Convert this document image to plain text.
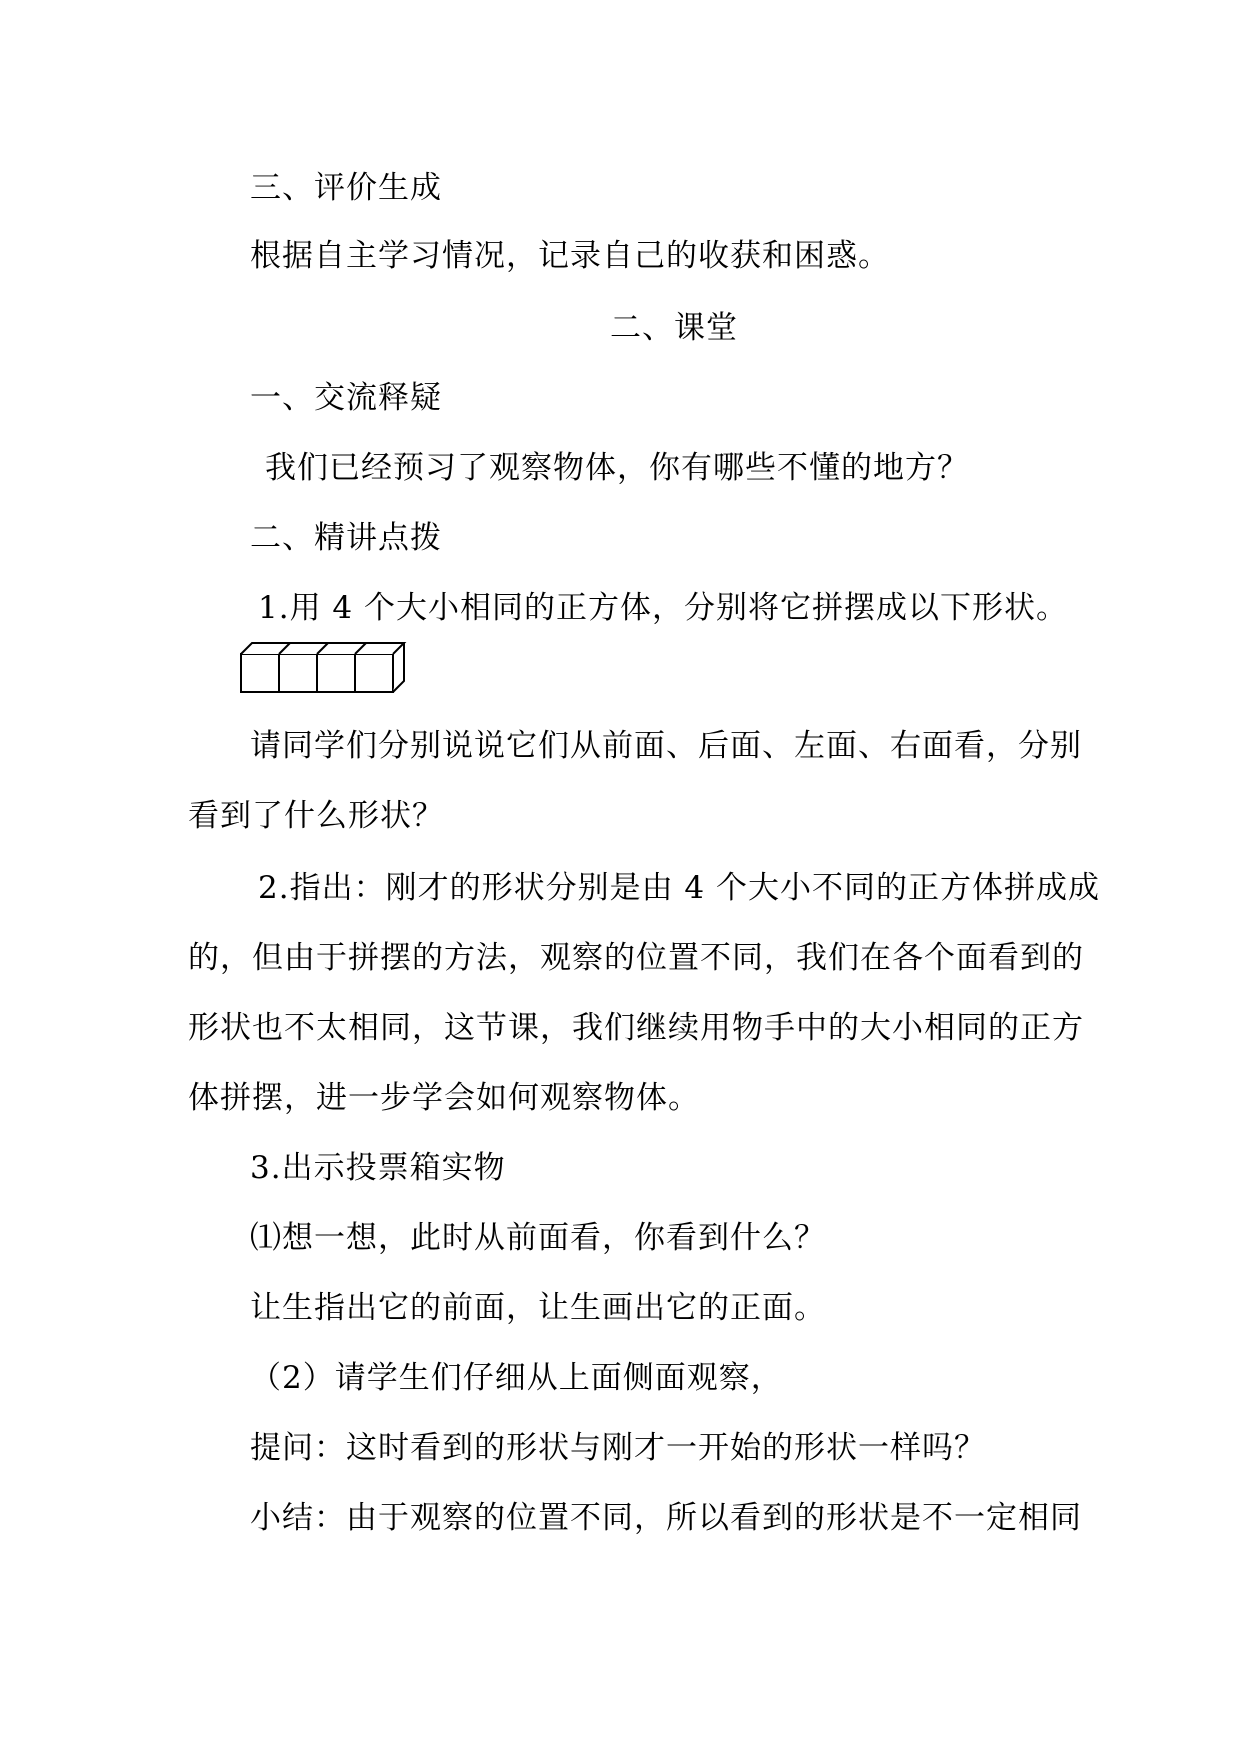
三、评价生成
根据自主学习情况，记录自己的收获和困惑。
二、课堂
一、交流释疑
我们已经预习了观察物体，你有哪些不懂的地方？
二、精讲点拨
1.用 4 个大小相同的正方体，分别将它拼摆成以下形状。
请同学们分别说说它们从前面、后面、左面、右面看，分别
看到了什么形状？
2.指出：刚才的形状分别是由 4 个大小不同的正方体拼成成
的，但由于拼摆的方法，观察的位置不同，我们在各个面看到的
形状也不太相同，这节课，我们继续用物手中的大小相同的正方
体拼摆，进一步学会如何观察物体。
3.出示投票箱实物
⑴想一想，此时从前面看，你看到什么？
让生指出它的前面，让生画出它的正面。
（2）请学生们仔细从上面侧面观察，
提问：这时看到的形状与刚才一开始的形状一样吗？
小结：由于观察的位置不同，所以看到的形状是不一定相同
